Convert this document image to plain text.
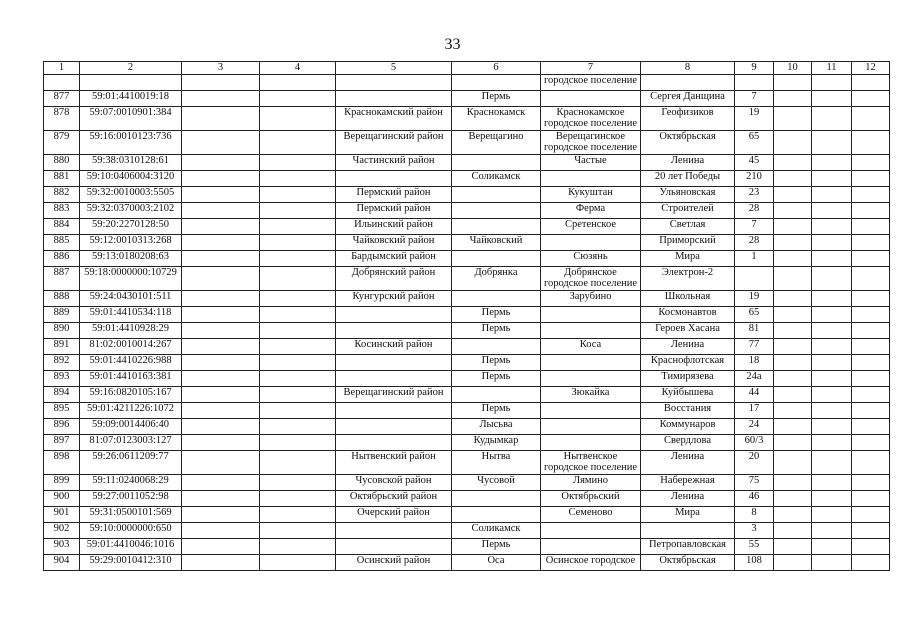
33
1	2	3	4	5	6	7	8	9	10	11	12
						городское поселение					
877	59:01:4410019:18				Пермь		Сергея Данщина	7			
878	59:07:0010901:384			Краснокамский район	Краснокамск	Краснокамское городское поселение	Геофизиков	19			
879	59:16:0010123:736			Верещагинский район	Верещагино	Верещагинское городское поселение	Октябрьская	65			
880	59:38:0310128:61			Частинский район		Частые	Ленина	45			
881	59:10:0406004:3120				Соликамск		20 лет Победы	210			
882	59:32:0010003:5505			Пермский район		Кукуштан	Ульяновская	23			
883	59:32:0370003:2102			Пермский район		Ферма	Строителей	28			
884	59:20:2270128:50			Ильинский район		Сретенское	Светлая	7			
885	59:12:0010313:268			Чайковский район	Чайковский		Приморский	28			
886	59:13:0180208:63			Бардымский район		Сюзянь	Мира	1			
887	59:18:0000000:10729			Добрянский район	Добрянка	Добрянское городское поселение	Электрон-2				
888	59:24:0430101:511			Кунгурский район		Зарубино	Школьная	19			
889	59:01:4410534:118				Пермь		Космонавтов	65			
890	59:01:4410928:29				Пермь		Героев Хасана	81			
891	81:02:0010014:267			Косинский район		Коса	Ленина	77			
892	59:01:4410226:988				Пермь		Краснофлотская	18			
893	59:01:4410163:381				Пермь		Тимирязева	24а			
894	59:16:0820105:167			Верещагинский район		Зюкайка	Куйбышева	44			
895	59:01:4211226:1072				Пермь		Восстания	17			
896	59:09:0014406:40				Лысьва		Коммунаров	24			
897	81:07:0123003:127				Кудымкар		Свердлова	60/3			
898	59:26:0611209:77			Нытвенский район	Нытва	Нытвенское городское поселение	Ленина	20			
899	59:11:0240068:29			Чусовской район	Чусовой	Лямино	Набережная	75			
900	59:27:0011052:98			Октябрьский район		Октябрьский	Ленина	46			
901	59:31:0500101:569			Очерский район		Семеново	Мира	8			
902	59:10:0000000:650				Соликамск			3			
903	59:01:4410046:1016				Пермь		Петропавловская	55			
904	59:29:0010412:310			Осинский район	Оса	Осинское городское	Октябрьская	108			
